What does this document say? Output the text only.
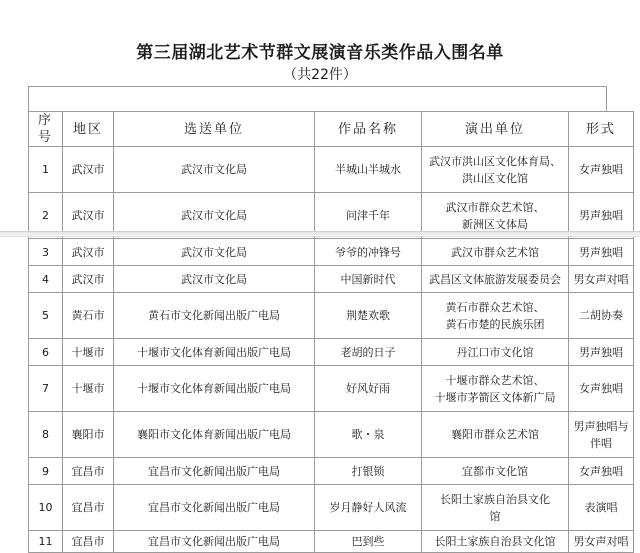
第三届湖北艺术节群文展演音乐类作品入围名单
（共22件）
序号	地区	选送单位	作品名称	演出单位	形式
1	武汉市	武汉市文化局	半城山半城水	武汉市洪山区文化体育局、
洪山区文化馆	女声独唱

2	武汉市	武汉市文化局	问津千年	武汉市群众艺术馆、
新洲区文体局	男声独唱

3	武汉市	武汉市文化局	爷爷的冲锋号	武汉市群众艺术馆	男声独唱

4	武汉市	武汉市文化局	中国新时代	武昌区文体旅游发展委员会	男女声对唱

5	黄石市	黄石市文化新闻出版广电局	荆楚欢歌	黄石市群众艺术馆、
黄石市楚的民族乐团	二胡协奏

6	十堰市	十堰市文化体育新闻出版广电局	老胡的日子	丹江口市文化馆	男声独唱

7	十堰市	十堰市文化体育新闻出版广电局	好风好雨	十堰市群众艺术馆、
十堰市茅箭区文体新广局	女声独唱

8	襄阳市	襄阳市文化体育新闻出版广电局	歌・泉	襄阳市群众艺术馆	男声独唱与
伴唱

9	宜昌市	宜昌市文化新闻出版广电局	打银锁	宜都市文化馆	女声独唱

10	宜昌市	宜昌市文化新闻出版广电局	岁月静好人风流	长阳土家族自治县文化
馆	表演唱

11	宜昌市	宜昌市文化新闻出版广电局	巴到些	长阳土家族自治县文化馆	男女声对唱
